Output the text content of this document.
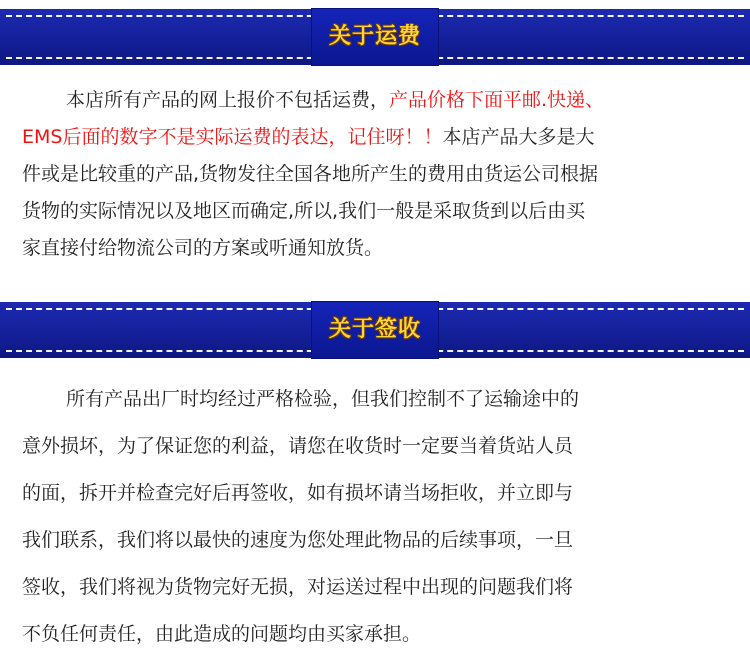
关于运费
本店所有产品的网上报价不包括运费，产品价格下面平邮.快递、
EMS后面的数字不是实际运费的表达，记住呀！！本店产品大多是大
件或是比较重的产品,货物发往全国各地所产生的费用由货运公司根据
货物的实际情况以及地区而确定,所以,我们一般是采取货到以后由买
家直接付给物流公司的方案或听通知放货。
关于签收
所有产品出厂时均经过严格检验，但我们控制不了运输途中的
意外损坏，为了保证您的利益，请您在收货时一定要当着货站人员
的面，拆开并检查完好后再签收，如有损坏请当场拒收，并立即与
我们联系，我们将以最快的速度为您处理此物品的后续事项，一旦
签收，我们将视为货物完好无损，对运送过程中出现的问题我们将
不负任何责任，由此造成的问题均由买家承担。
